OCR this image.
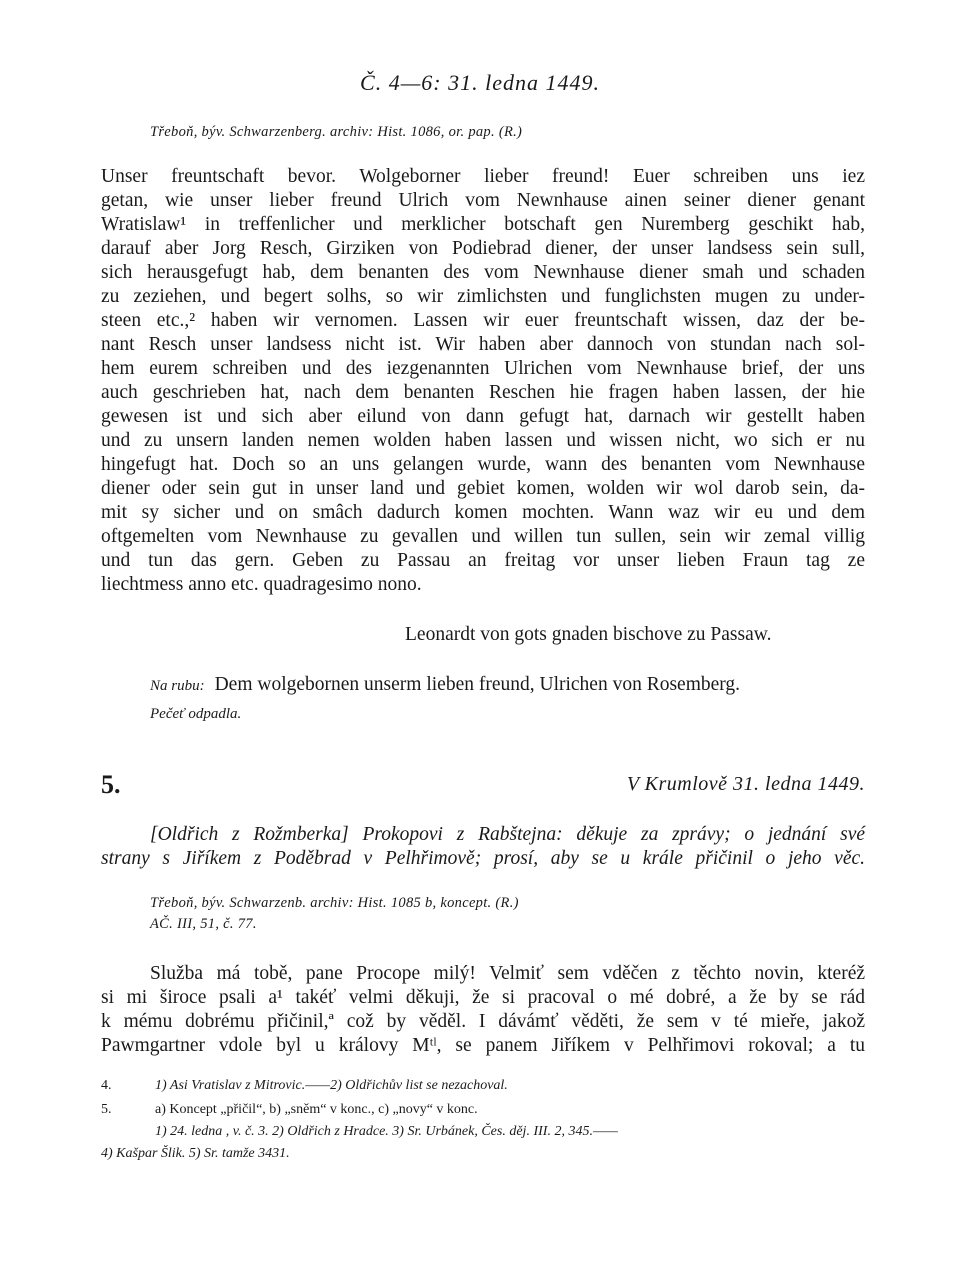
Č. 4—6: 31. ledna 1449.

Třeboň, býv. Schwarzenberg. archiv: Hist. 1086, or. pap. (R.)

Unser freuntschaft bevor. Wolgeborner lieber freund! Euer schreiben uns iez

getan, wie unser lieber freund Ulrich vom Newnhause ainen seiner diener genant

Wratislaw¹ in treffenlicher und merklicher botschaft gen Nuremberg geschikt hab,

darauf aber Jorg Resch, Girziken von Podiebrad diener, der unser landsess sein sull,

sich herausgefugt hab, dem benanten des vom Newnhause diener smah und schaden

zu zeziehen, und begert solhs, so wir zimlichsten und funglichsten mugen zu under-

steen etc.,² haben wir vernomen. Lassen wir euer freuntschaft wissen, daz der be-

nant Resch unser landsess nicht ist. Wir haben aber dannoch von stundan nach sol-

hem eurem schreiben und des iezgenannten Ulrichen vom Newnhause brief, der uns

auch geschrieben hat, nach dem benanten Reschen hie fragen haben lassen, der hie

gewesen ist und sich aber eilund von dann gefugt hat, darnach wir gestellt haben

und zu unsern landen nemen wolden haben lassen und wissen nicht, wo sich er nu

hingefugt hat. Doch so an uns gelangen wurde, wann des benanten vom Newnhause

diener oder sein gut in unser land und gebiet komen, wolden wir wol darob sein, da-

mit sy sicher und on smâch dadurch komen mochten. Wann waz wir eu und dem

oftgemelten vom Newnhause zu gevallen und willen tun sullen, sein wir zemal villig

und tun das gern. Geben zu Passau an freitag vor unser lieben Fraun tag ze

liechtmess anno etc. quadragesimo nono.

Leonardt von gots gnaden bischove zu Passaw.

Na rubu: Dem wolgebornen unserm lieben freund, Ulrichen von Rosemberg.

Pečeť odpadla.

5.	V Krumlově 31. ledna 1449.

[Oldřich z Rožmberka] Prokopovi z Rabštejna: děkuje za zprávy; o jednání své

strany s Jiříkem z Poděbrad v Pelhřimově; prosí, aby se u krále přičinil o jeho věc.

Třeboň, býv. Schwarzenb. archiv: Hist. 1085 b, koncept. (R.)

AČ. III, 51, č. 77.

Služba má tobě, pane Procope milý! Velmiť sem vděčen z těchto novin, kteréž

si mi široce psali a¹ takéť velmi děkuji, že si pracoval o mé dobré, a že by se rád

k mému dobrému přičinil,ª což by věděl. I dávámť věděti, že sem v té mieře, jakož

Pawmgartner vdole byl u královy Mᵗˡ, se panem Jiříkem v Pelhřimovi rokoval; a tu

4.	1) Asi Vratislav z Mitrovic.——2) Oldřichův list se nezachoval.

5.	a) Koncept „přičil“, b) „sněm“ v konc., c) „novy“ v konc.

1) 24. ledna , v. č. 3. 2) Oldřich z Hradce. 3) Sr. Urbánek, Čes. děj. III. 2, 345.——

4) Kašpar Šlik. 5) Sr. tamže 3431.
